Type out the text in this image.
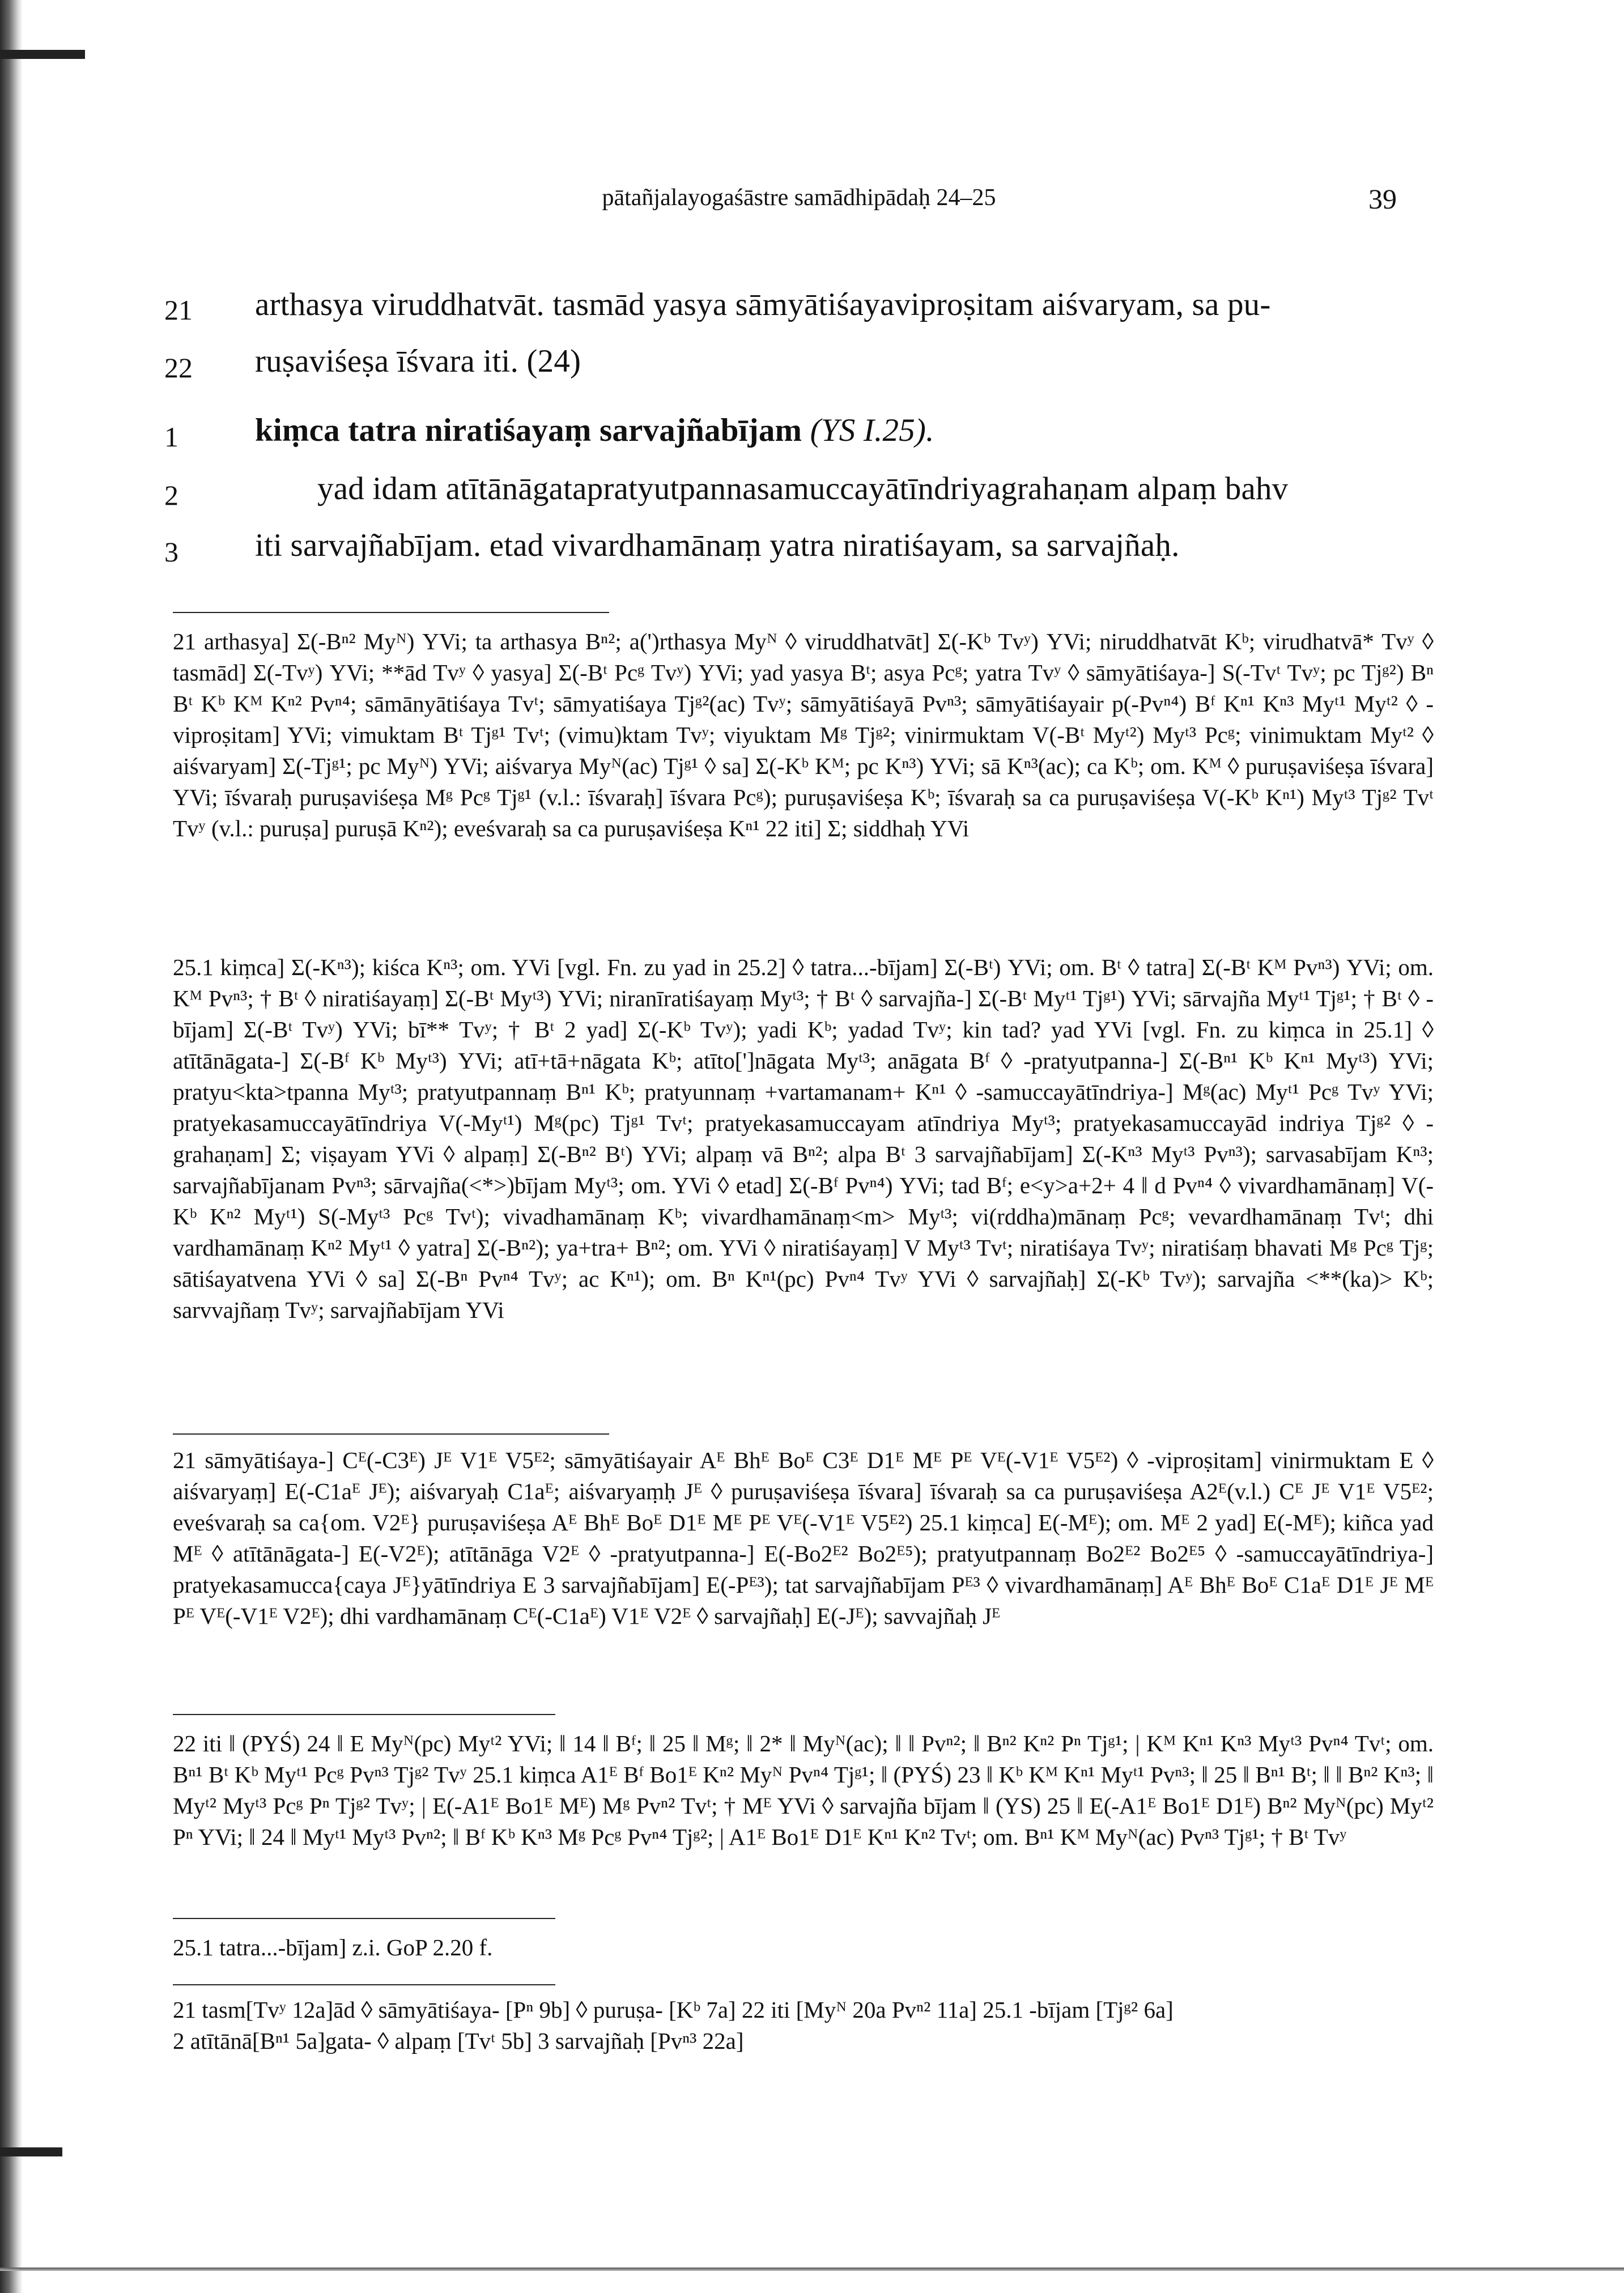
pātañjalayogaśāstre samādhipādaḥ 24–25	39
21 arthasya viruddhatvāt. tasmād yasya sāmyātiśayaviproṣitam aiśvaryam, sa pu-
22 ruṣaviśeṣa īśvara iti. (24)
1	kiṃca tatra niratiśayaṃ sarvajñabījam (YS I.25).
2	yad idam atītānāgatapratyutpannasamuccayātīndriyagrahaṇam alpaṃ bahv
3	iti sarvajñabījam. etad vivardhamānaṃ yatra niratiśayam, sa sarvajñaḥ.

21 arthasya] Σ(-Bⁿ² Myᴺ) YVi; ta arthasya Bⁿ²; a(')rthasya Myᴺ ◊ viruddhatvāt] Σ(-Kᵇ Tvʸ) YVi; niruddhatvāt Kᵇ; virudhatvā* Tvʸ ◊ tasmād] Σ(-Tvʸ) YVi; **ād Tvʸ ◊ yasya] Σ(-Bᵗ Pcᵍ Tvʸ) YVi; yad yasya Bᵗ; asya Pcᵍ; yatra Tvʸ ◊ sāmyātiśaya-] S(-Tvᵗ Tvʸ; pc Tjᵍ²) Bⁿ Bᵗ Kᵇ Kᴹ Kⁿ² Pvⁿ⁴; sāmānyātiśaya Tvᵗ; sāmyatiśaya Tjᵍ²(ac) Tvʸ; sāmyātiśayā Pvⁿ³; sāmyātiśayair p(-Pvⁿ⁴) Bᶠ Kⁿ¹ Kⁿ³ Myᵗ¹ Myᵗ² ◊ -viproṣitam] YVi; vimuktam Bᵗ Tjᵍ¹ Tvᵗ; (vimu)ktam Tvʸ; viyuktam Mᵍ Tjᵍ²; vinirmuktam V(-Bᵗ Myᵗ²) Myᵗ³ Pcᵍ; vinimuktam Myᵗ² ◊ aiśvaryam] Σ(-Tjᵍ¹; pc Myᴺ) YVi; aiśvarya Myᴺ(ac) Tjᵍ¹ ◊ sa] Σ(-Kᵇ Kᴹ; pc Kⁿ³) YVi; sā Kⁿ³(ac); ca Kᵇ; om. Kᴹ ◊ puruṣaviśeṣa īśvara] YVi; īśvaraḥ puruṣaviśeṣa Mᵍ Pcᵍ Tjᵍ¹ (v.l.: īśvaraḥ] īśvara Pcᵍ); puruṣaviśeṣa Kᵇ; īśvaraḥ sa ca puruṣaviśeṣa V(-Kᵇ Kⁿ¹) Myᵗ³ Tjᵍ² Tvᵗ Tvʸ (v.l.: puruṣa] puruṣā Kⁿ²); eveśvaraḥ sa ca puruṣaviśeṣa Kⁿ¹ 22 iti] Σ; siddhaḥ YVi

25.1 kiṃca] Σ(-Kⁿ³); kiśca Kⁿ³; om. YVi [vgl. Fn. zu yad in 25.2] ◊ tatra...-bījam] Σ(-Bᵗ) YVi; om. Bᵗ ◊ tatra] Σ(-Bᵗ Kᴹ Pvⁿ³) YVi; om. Kᴹ Pvⁿ³; † Bᵗ ◊ niratiśayaṃ] Σ(-Bᵗ Myᵗ³) YVi; niranīratiśayaṃ Myᵗ³; † Bᵗ ◊ sarvajña-] Σ(-Bᵗ Myᵗ¹ Tjᵍ¹) YVi; sārvajña Myᵗ¹ Tjᵍ¹; † Bᵗ ◊ -bījam] Σ(-Bᵗ Tvʸ) YVi; bī** Tvʸ; † Bᵗ 2 yad] Σ(-Kᵇ Tvʸ); yadi Kᵇ; yadad Tvʸ; kin tad? yad YVi [vgl. Fn. zu kiṃca in 25.1] ◊ atītānāgata-] Σ(-Bᶠ Kᵇ Myᵗ³) YVi; atī+tā+nāgata Kᵇ; atīto[']nāgata Myᵗ³; anāgata Bᶠ ◊ -pratyutpanna-] Σ(-Bⁿ¹ Kᵇ Kⁿ¹ Myᵗ³) YVi; pratyu<kta>tpanna Myᵗ³; pratyutpannaṃ Bⁿ¹ Kᵇ; pratyunnaṃ +vartamanam+ Kⁿ¹ ◊ -samuccayātīndriya-] Mᵍ(ac) Myᵗ¹ Pcᵍ Tvʸ YVi; pratyekasamuccayātīndriya V(-Myᵗ¹) Mᵍ(pc) Tjᵍ¹ Tvᵗ; pratyekasamuccayam atīndriya Myᵗ³; pratyekasamuccayād indriya Tjᵍ² ◊ -grahaṇam] Σ; viṣayam YVi ◊ alpaṃ] Σ(-Bⁿ² Bᵗ) YVi; alpaṃ vā Bⁿ²; alpa Bᵗ 3 sarvajñabījam] Σ(-Kⁿ³ Myᵗ³ Pvⁿ³); sarvasabījam Kⁿ³; sarvajñabījanam Pvⁿ³; sārvajña(<*>)bījam Myᵗ³; om. YVi ◊ etad] Σ(-Bᶠ Pvⁿ⁴) YVi; tad Bᶠ; e<y>a+2+ 4 ‖ d Pvⁿ⁴ ◊ vivardhamānaṃ] V(-Kᵇ Kⁿ² Myᵗ¹) S(-Myᵗ³ Pcᵍ Tvᵗ); vivadhamānaṃ Kᵇ; vivardhamānaṃ<m> Myᵗ³; vi(rddha)mānaṃ Pcᵍ; vevardhamānaṃ Tvᵗ; dhi vardhamānaṃ Kⁿ² Myᵗ¹ ◊ yatra] Σ(-Bⁿ²); ya+tra+ Bⁿ²; om. YVi ◊ niratiśayaṃ] V Myᵗ³ Tvᵗ; niratiśaya Tvʸ; niratiśaṃ bhavati Mᵍ Pcᵍ Tjᵍ; sātiśayatvena YVi ◊ sa] Σ(-Bⁿ Pvⁿ⁴ Tvʸ; ac Kⁿ¹); om. Bⁿ Kⁿ¹(pc) Pvⁿ⁴ Tvʸ YVi ◊ sarvajñaḥ] Σ(-Kᵇ Tvʸ); sarvajña <**(ka)> Kᵇ; sarvvajñaṃ Tvʸ; sarvajñabījam YVi

21 sāmyātiśaya-] Cᴱ(-C3ᴱ) Jᴱ V1ᴱ V5ᴱ²; sāmyātiśayair Aᴱ Bhᴱ Boᴱ C3ᴱ D1ᴱ Mᴱ Pᴱ Vᴱ(-V1ᴱ V5ᴱ²) ◊ -viproṣitam] vinirmuktam E ◊ aiśvaryaṃ] E(-C1aᴱ Jᴱ); aiśvaryaḥ C1aᴱ; aiśvaryaṃḥ Jᴱ ◊ puruṣaviśeṣa īśvara] īśvaraḥ sa ca puruṣaviśeṣa A2ᴱ(v.l.) Cᴱ Jᴱ V1ᴱ V5ᴱ²; eveśvaraḥ sa ca{om. V2ᴱ} puruṣaviśeṣa Aᴱ Bhᴱ Boᴱ D1ᴱ Mᴱ Pᴱ Vᴱ(-V1ᴱ V5ᴱ²) 25.1 kiṃca] E(-Mᴱ); om. Mᴱ 2 yad] E(-Mᴱ); kiñca yad Mᴱ ◊ atītānāgata-] E(-V2ᴱ); atītānāga V2ᴱ ◊ -pratyutpanna-] E(-Bo2ᴱ² Bo2ᴱ⁵); pratyutpannaṃ Bo2ᴱ² Bo2ᴱ⁵ ◊ -samuccayātīndriya-] pratyekasamucca{caya Jᴱ}yātīndriya E 3 sarvajñabījam] E(-Pᴱ³); tat sarvajñabījam Pᴱ³ ◊ vivardhamānaṃ] Aᴱ Bhᴱ Boᴱ C1aᴱ D1ᴱ Jᴱ Mᴱ Pᴱ Vᴱ(-V1ᴱ V2ᴱ); dhi vardhamānaṃ Cᴱ(-C1aᴱ) V1ᴱ V2ᴱ ◊ sarvajñaḥ] E(-Jᴱ); savvajñaḥ Jᴱ

22 iti ‖ (PYŚ) 24 ‖ E Myᴺ(pc) Myᵗ² YVi; ‖ 14 ‖ Bᶠ; ‖ 25 ‖ Mᵍ; ‖ 2* ‖ Myᴺ(ac); ‖ ‖ Pvⁿ²; ‖ Bⁿ² Kⁿ² Pⁿ Tjᵍ¹; | Kᴹ Kⁿ¹ Kⁿ³ Myᵗ³ Pvⁿ⁴ Tvᵗ; om. Bⁿ¹ Bᵗ Kᵇ Myᵗ¹ Pcᵍ Pvⁿ³ Tjᵍ² Tvʸ 25.1 kiṃca A1ᴱ Bᶠ Bo1ᴱ Kⁿ² Myᴺ Pvⁿ⁴ Tjᵍ¹; ‖ (PYŚ) 23 ‖ Kᵇ Kᴹ Kⁿ¹ Myᵗ¹ Pvⁿ³; ‖ 25 ‖ Bⁿ¹ Bᵗ; ‖ ‖ Bⁿ² Kⁿ³; ‖ Myᵗ² Myᵗ³ Pcᵍ Pⁿ Tjᵍ² Tvʸ; | E(-A1ᴱ Bo1ᴱ Mᴱ) Mᵍ Pvⁿ² Tvᵗ; † Mᴱ YVi ◊ sarvajña bījam ‖ (YS) 25 ‖ E(-A1ᴱ Bo1ᴱ D1ᴱ) Bⁿ² Myᴺ(pc) Myᵗ² Pⁿ YVi; ‖ 24 ‖ Myᵗ¹ Myᵗ³ Pvⁿ²; ‖ Bᶠ Kᵇ Kⁿ³ Mᵍ Pcᵍ Pvⁿ⁴ Tjᵍ²; | A1ᴱ Bo1ᴱ D1ᴱ Kⁿ¹ Kⁿ² Tvᵗ; om. Bⁿ¹ Kᴹ Myᴺ(ac) Pvⁿ³ Tjᵍ¹; † Bᵗ Tvʸ

25.1 tatra...-bījam] z.i. GoP 2.20 f.

21 tasm[Tvʸ 12a]ād ◊ sāmyātiśaya- [Pⁿ 9b] ◊ puruṣa- [Kᵇ 7a] 22 iti [Myᴺ 20a Pvⁿ² 11a] 25.1 -bījam [Tjᵍ² 6a]

2 atītānā[Bⁿ¹ 5a]gata- ◊ alpaṃ [Tvᵗ 5b] 3 sarvajñaḥ [Pvⁿ³ 22a]
